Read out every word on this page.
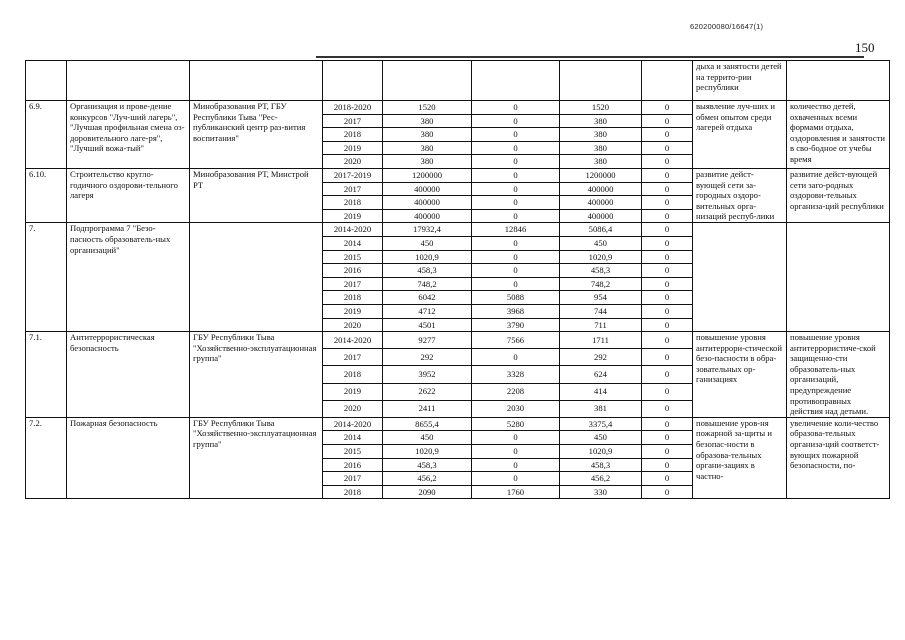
620200080/16647(1)
150
								дыха и занятости детей на террито-рии республики	
6.9.	Организация и прове-дение конкурсов "Луч-ший лагерь", "Лучшая профильная смена оз-доровительного лаге-ря", "Лучший вожа-тый"	Минобразования РТ, ГБУ Республики Тыва "Рес-публиканский центр раз-вития воспитания"	2018-2020	1520	0	1520	0	выявление луч-ших и обмен опытом среди лагерей отдыха	количество детей, охваченных всеми формами отдыха, оздоровления и занятости в сво-бодное от учебы время
			2017	380	0	380	0		
			2018	380	0	380	0		
			2019	380	0	380	0		
			2020	380	0	380	0		
6.10.	Строительство кругло-годичного оздорови-тельного лагеря	Минобразования РТ, Минстрой РТ	2017-2019	1200000	0	1200000	0	развитие дейст-вующей сети за-городных оздоро-вительных орга-низаций респуб-лики	развитие дейст-вующей сети заго-родных оздорови-тельных организа-ций республики
			2017	400000	0	400000	0		
			2018	400000	0	400000	0		
			2019	400000	0	400000	0		
7.	Подпрограмма 7 "Безо-пасность образователь-ных организаций"		2014-2020	17932,4	12846	5086,4	0		
			2014	450	0	450	0		
			2015	1020,9	0	1020,9	0		
			2016	458,3	0	458,3	0		
			2017	748,2	0	748,2	0		
			2018	6042	5088	954	0		
			2019	4712	3968	744	0		
			2020	4501	3790	711	0		
7.1.	Антитеррористическая безопасность	ГБУ Республики Тыва "Хозяйственно-эксплуатационная группа"	2014-2020	9277	7566	1711	0	повышение уровня антитеррори-стической безо-пасности в обра-зовательных ор-ганизациях	повышение уровня антитеррористиче-ской защищенно-сти образователь-ных организаций, предупреждение противоправных действия над детьми.
			2017	292	0	292	0		
			2018	3952	3328	624	0		
			2019	2622	2208	414	0		
			2020	2411	2030	381	0		
7.2.	Пожарная безопасность	ГБУ Республики Тыва "Хозяйственно-эксплуатационная группа"	2014-2020	8655,4	5280	3375,4	0	повышение уров-ня пожарной за-щиты и безопас-ности в образова-тельных органи-зациях в частно-	увеличение коли-чество образова-тельных организа-ций соответст-вующих пожарной безопасности, по-
			2014	450	0	450	0		
			2015	1020,9	0	1020,9	0		
			2016	458,3	0	458,3	0		
			2017	456,2	0	456,2	0		
			2018	2090	1760	330	0		
